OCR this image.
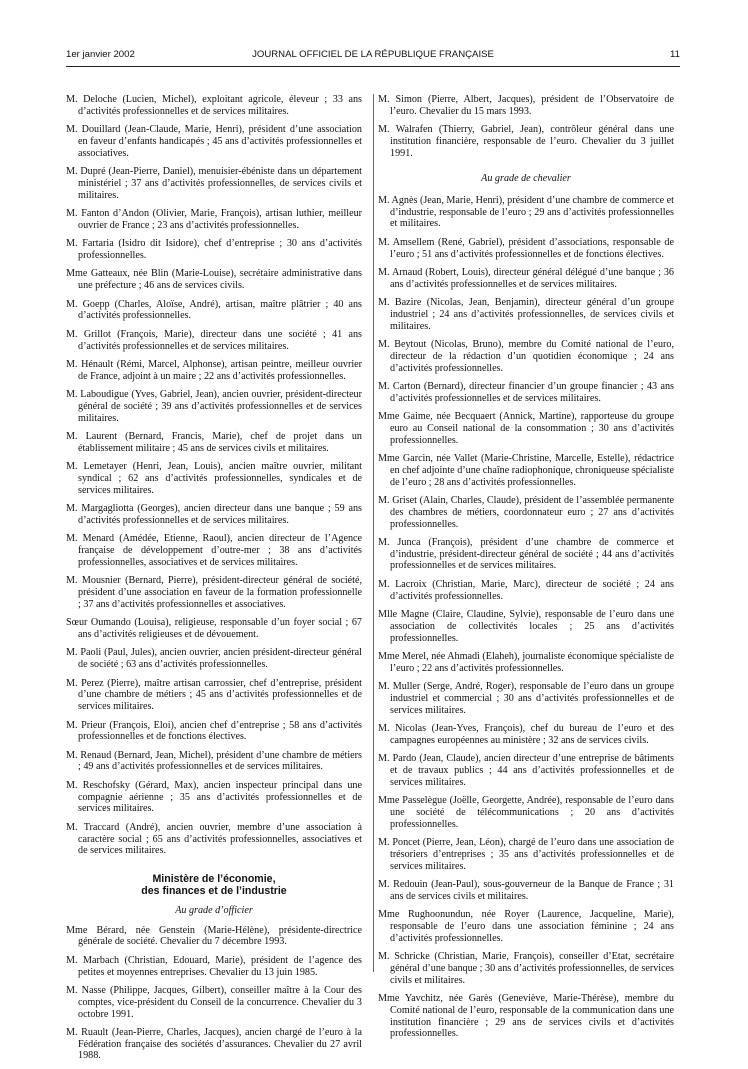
1er janvier 2002	JOURNAL OFFICIEL DE LA RÉPUBLIQUE FRANÇAISE	11

M. Deloche (Lucien, Michel), exploitant agricole, éleveur ; 33 ans d’activités professionnelles et de services militaires.

M. Douillard (Jean-Claude, Marie, Henri), président d’une association en faveur d’enfants handicapés ; 45 ans d’activités professionnelles et associatives.

M. Dupré (Jean-Pierre, Daniel), menuisier-ébéniste dans un département ministériel ; 37 ans d’activités professionnelles, de services civils et militaires.

M. Fanton d’Andon (Olivier, Marie, François), artisan luthier, meilleur ouvrier de France ; 23 ans d’activités professionnelles.

M. Fartaria (Isidro dit Isidore), chef d’entreprise ; 30 ans d’activités professionnelles.

Mme Gatteaux, née Blin (Marie-Louise), secrétaire administrative dans une préfecture ; 46 ans de services civils.

M. Goepp (Charles, Aloïse, André), artisan, maître plâtrier ; 40 ans d’activités professionnelles.

M. Grillot (François, Marie), directeur dans une société ; 41 ans d’activités professionnelles et de services militaires.

M. Hénault (Rémi, Marcel, Alphonse), artisan peintre, meilleur ouvrier de France, adjoint à un maire ; 22 ans d’activités professionnelles.

M. Laboudigue (Yves, Gabriel, Jean), ancien ouvrier, président-directeur général de société ; 39 ans d’activités professionnelles et de services militaires.

M. Laurent (Bernard, Francis, Marie), chef de projet dans un établissement militaire ; 45 ans de services civils et militaires.

M. Lemetayer (Henri, Jean, Louis), ancien maître ouvrier, militant syndical ; 62 ans d’activités professionnelles, syndicales et de services militaires.

M. Margagliotta (Georges), ancien directeur dans une banque ; 59 ans d’activités professionnelles et de services militaires.

M. Menard (Amédée, Etienne, Raoul), ancien directeur de l’Agence française de développement d’outre-mer ; 38 ans d’activités professionnelles, associatives et de services militaires.

M. Mousnier (Bernard, Pierre), président-directeur général de société, président d’une association en faveur de la formation professionnelle ; 37 ans d’activités professionnelles et associatives.

Sœur Oumando (Louisa), religieuse, responsable d’un foyer social ; 67 ans d’activités religieuses et de dévouement.

M. Paoli (Paul, Jules), ancien ouvrier, ancien président-directeur général de société ; 63 ans d’activités professionnelles.

M. Perez (Pierre), maître artisan carrossier, chef d’entreprise, président d’une chambre de métiers ; 45 ans d’activités professionnelles et de services militaires.

M. Prieur (François, Eloi), ancien chef d’entreprise ; 58 ans d’activités professionnelles et de fonctions électives.

M. Renaud (Bernard, Jean, Michel), président d’une chambre de métiers ; 49 ans d’activités professionnelles et de services militaires.

M. Reschofsky (Gérard, Max), ancien inspecteur principal dans une compagnie aérienne ; 35 ans d’activités professionnelles et de services militaires.

M. Traccard (André), ancien ouvrier, membre d’une association à caractère social ; 65 ans d’activités professionnelles, associatives et de services militaires.

Ministère de l’économie,
des finances et de l’industrie
Au grade d’officier

Mme Bérard, née Genstein (Marie-Hélène), présidente-directrice générale de société. Chevalier du 7 décembre 1993.

M. Marbach (Christian, Edouard, Marie), président de l’agence des petites et moyennes entreprises. Chevalier du 13 juin 1985.

M. Nasse (Philippe, Jacques, Gilbert), conseiller maître à la Cour des comptes, vice-président du Conseil de la concurrence. Chevalier du 3 octobre 1991.

M. Ruault (Jean-Pierre, Charles, Jacques), ancien chargé de l’euro à la Fédération française des sociétés d’assurances. Chevalier du 27 avril 1988.

M. Simon (Pierre, Albert, Jacques), président de l’Observatoire de l’euro. Chevalier du 15 mars 1993.

M. Walrafen (Thierry, Gabriel, Jean), contrôleur général dans une institution financière, responsable de l’euro. Chevalier du 3 juillet 1991.

Au grade de chevalier

M. Agnès (Jean, Marie, Henri), président d’une chambre de commerce et d’industrie, responsable de l’euro ; 29 ans d’activités professionnelles et militaires.

M. Amsellem (René, Gabriel), président d’associations, responsable de l’euro ; 51 ans d’activités professionnelles et de fonctions électives.

M. Arnaud (Robert, Louis), directeur général délégué d’une banque ; 36 ans d’activités professionnelles et de services militaires.

M. Bazire (Nicolas, Jean, Benjamin), directeur général d’un groupe industriel ; 24 ans d’activités professionnelles, de services civils et militaires.

M. Beytout (Nicolas, Bruno), membre du Comité national de l’euro, directeur de la rédaction d’un quotidien économique ; 24 ans d’activités professionnelles.

M. Carton (Bernard), directeur financier d’un groupe financier ; 43 ans d’activités professionnelles et de services militaires.

Mme Gaime, née Becquaert (Annick, Martine), rapporteuse du groupe euro au Conseil national de la consommation ; 30 ans d’activités professionnelles.

Mme Garcin, née Vallet (Marie-Christine, Marcelle, Estelle), rédactrice en chef adjointe d’une chaîne radiophonique, chroniqueuse spécialiste de l’euro ; 28 ans d’activités professionnelles.

M. Griset (Alain, Charles, Claude), président de l’assemblée permanente des chambres de métiers, coordonnateur euro ; 27 ans d’activités professionnelles.

M. Junca (François), président d’une chambre de commerce et d’industrie, président-directeur général de société ; 44 ans d’activités professionnelles et de services militaires.

M. Lacroix (Christian, Marie, Marc), directeur de société ; 24 ans d’activités professionnelles.

Mlle Magne (Claire, Claudine, Sylvie), responsable de l’euro dans une association de collectivités locales ; 25 ans d’activités professionnelles.

Mme Merel, née Ahmadi (Elaheh), journaliste économique spécialiste de l’euro ; 22 ans d’activités professionnelles.

M. Muller (Serge, André, Roger), responsable de l’euro dans un groupe industriel et commercial ; 30 ans d’activités professionnelles et de services militaires.

M. Nicolas (Jean-Yves, François), chef du bureau de l’euro et des campagnes européennes au ministère ; 32 ans de services civils.

M. Pardo (Jean, Claude), ancien directeur d’une entreprise de bâtiments et de travaux publics ; 44 ans d’activités professionnelles et de services militaires.

Mme Passelègue (Joëlle, Georgette, Andrée), responsable de l’euro dans une société de télécommunications ; 20 ans d’activités professionnelles.

M. Poncet (Pierre, Jean, Léon), chargé de l’euro dans une association de trésoriers d’entreprises ; 35 ans d’activités professionnelles et de services militaires.

M. Redouin (Jean-Paul), sous-gouverneur de la Banque de France ; 31 ans de services civils et militaires.

Mme Rughoonundun, née Royer (Laurence, Jacqueline, Marie), responsable de l’euro dans une association féminine ; 24 ans d’activités professionnelles.

M. Schricke (Christian, Marie, François), conseiller d’Etat, secrétaire général d’une banque ; 30 ans d’activités professionnelles, de services civils et militaires.

Mme Yavchitz, née Garès (Geneviève, Marie-Thérèse), membre du Comité national de l’euro, responsable de la communication dans une institution financière ; 29 ans de services civils et d’activités professionnelles.
